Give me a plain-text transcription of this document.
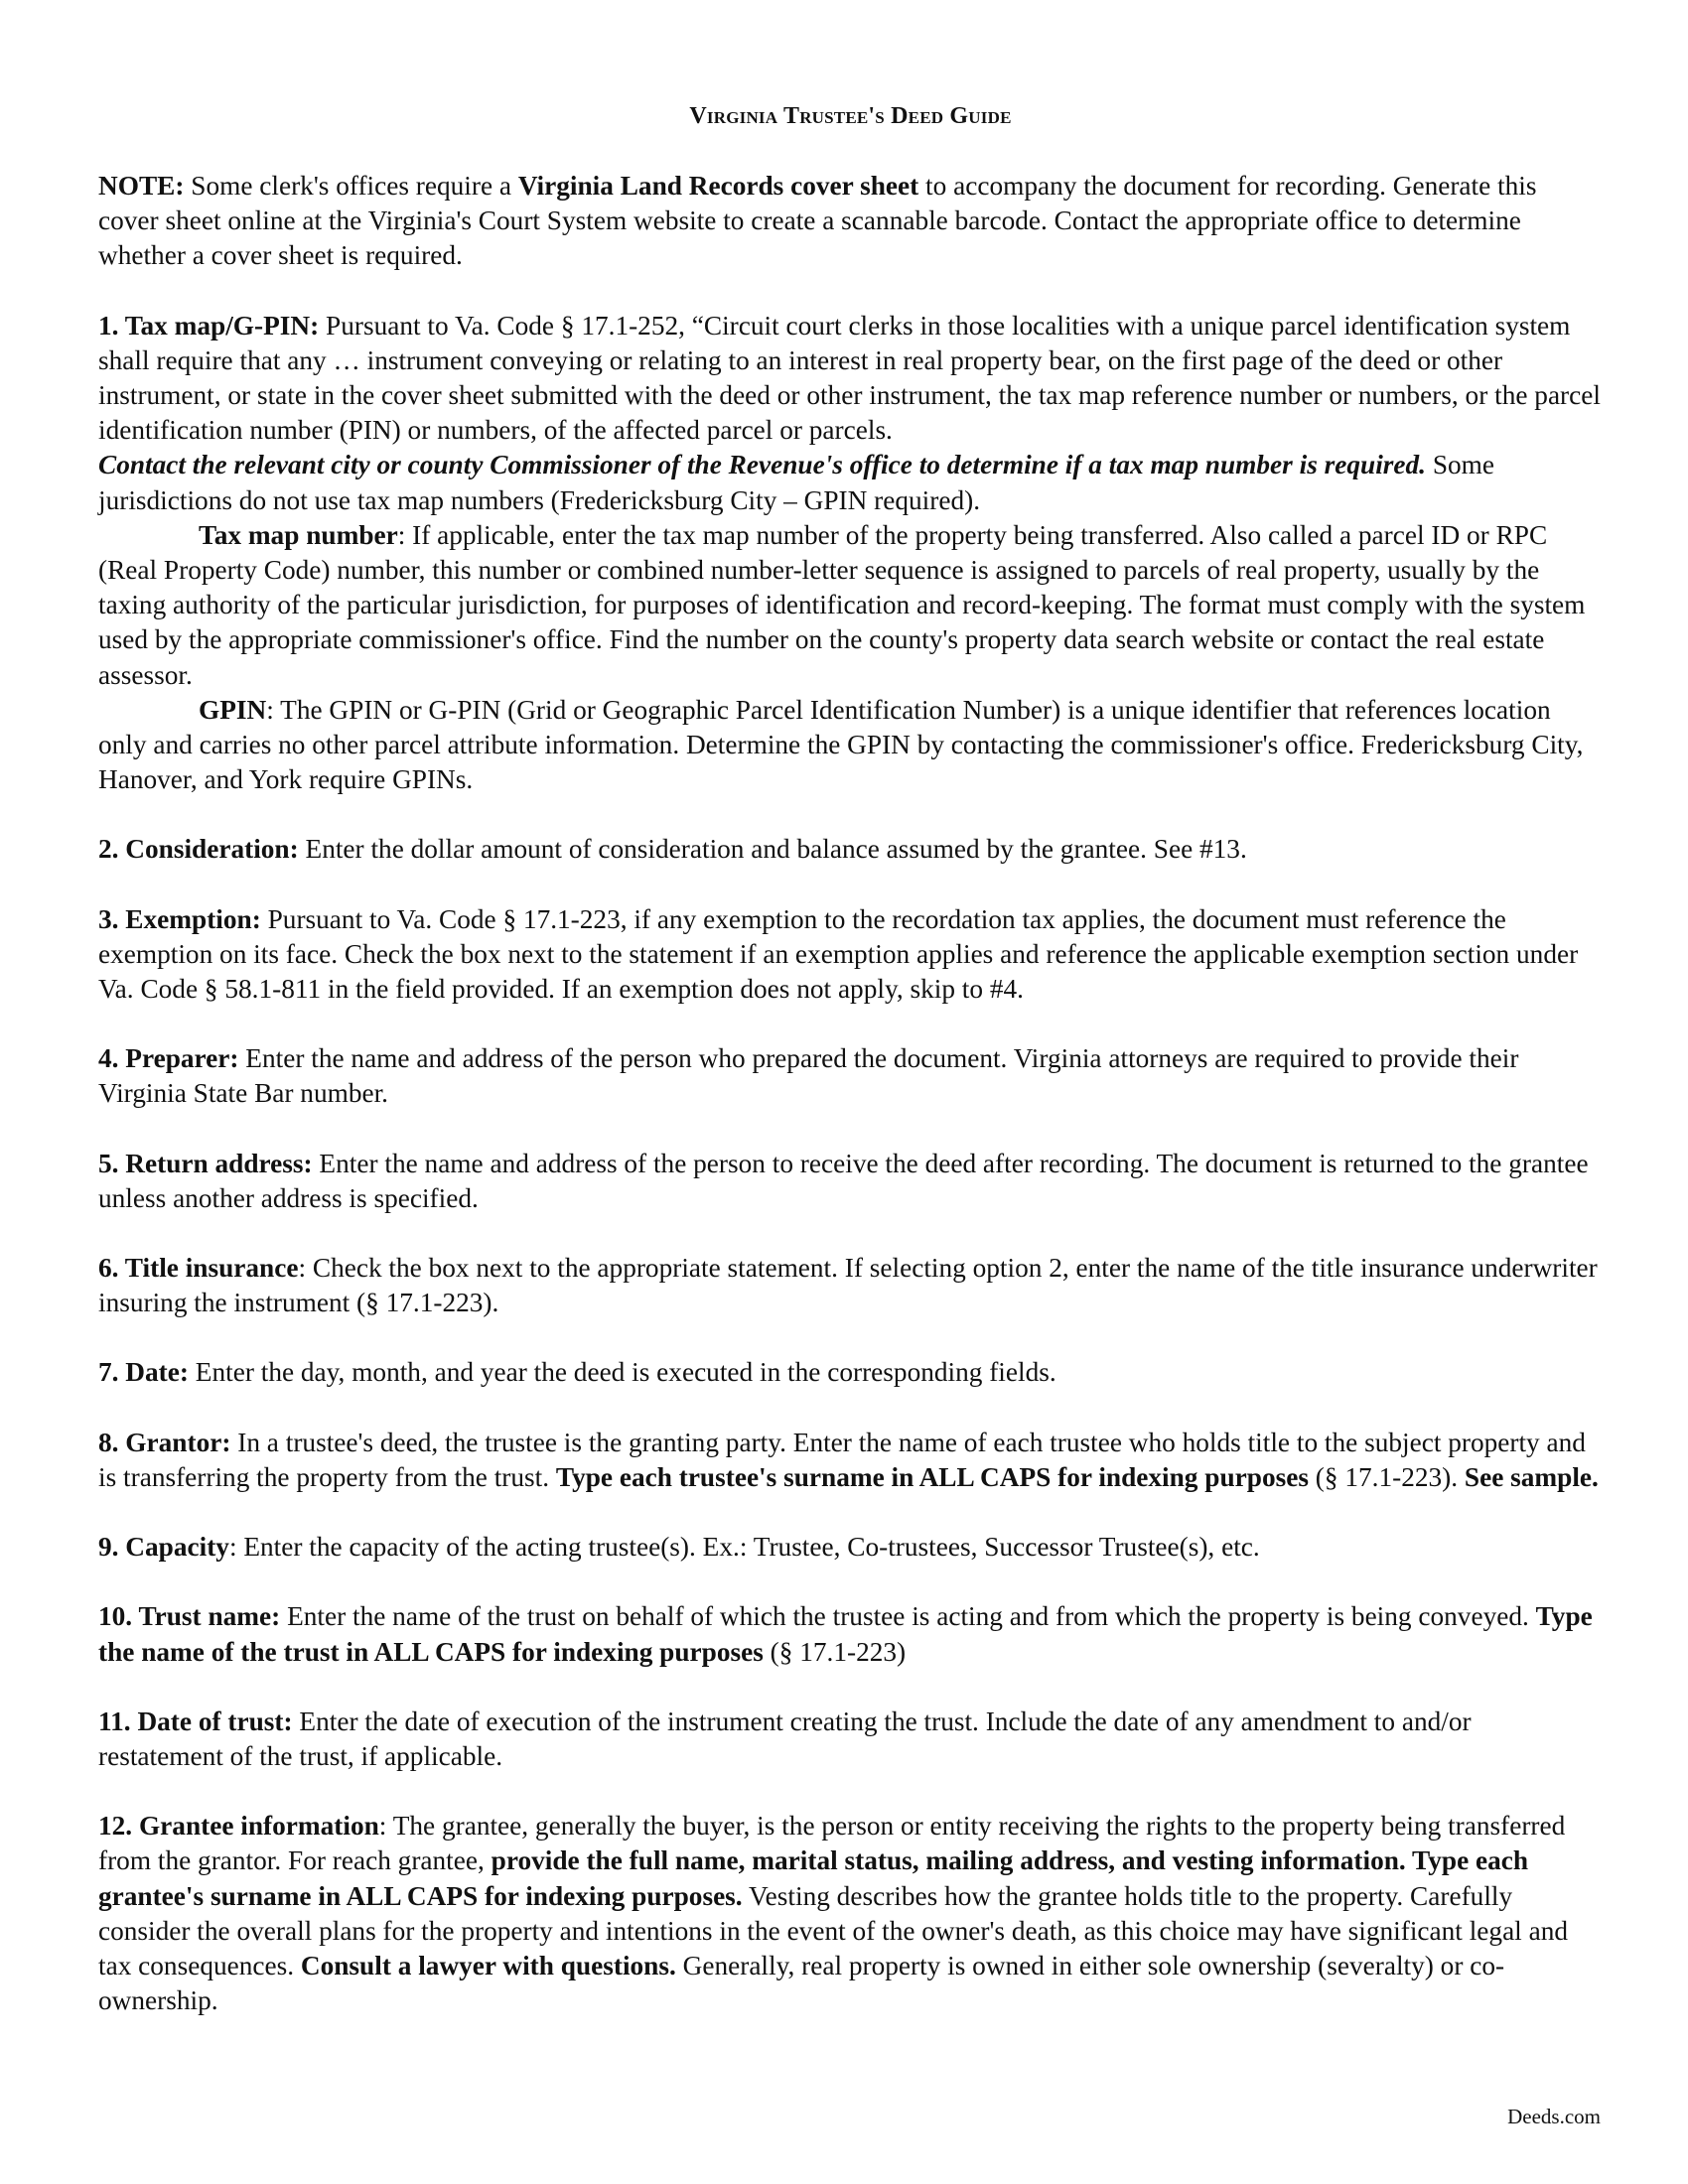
Virginia Trustee's Deed Guide

NOTE: Some clerk's offices require a Virginia Land Records cover sheet to accompany the document for recording. Generate this cover sheet online at the Virginia's Court System website to create a scannable barcode. Contact the appropriate office to determine whether a cover sheet is required.

1. Tax map/G-PIN: Pursuant to Va. Code § 17.1-252, “Circuit court clerks in those localities with a unique parcel identification system shall require that any … instrument conveying or relating to an interest in real property bear, on the first page of the deed or other instrument, or state in the cover sheet submitted with the deed or other instrument, the tax map reference number or numbers, or the parcel identification number (PIN) or numbers, of the affected parcel or parcels.
Contact the relevant city or county Commissioner of the Revenue's office to determine if a tax map number is required. Some jurisdictions do not use tax map numbers (Fredericksburg City – GPIN required).

Tax map number: If applicable, enter the tax map number of the property being transferred. Also called a parcel ID or RPC (Real Property Code) number, this number or combined number-letter sequence is assigned to parcels of real property, usually by the taxing authority of the particular jurisdiction, for purposes of identification and record-keeping. The format must comply with the system used by the appropriate commissioner's office. Find the number on the county's property data search website or contact the real estate assessor.

GPIN: The GPIN or G-PIN (Grid or Geographic Parcel Identification Number) is a unique identifier that references location only and carries no other parcel attribute information. Determine the GPIN by contacting the commissioner's office. Fredericksburg City, Hanover, and York require GPINs.

2. Consideration: Enter the dollar amount of consideration and balance assumed by the grantee. See #13.

3. Exemption: Pursuant to Va. Code § 17.1-223, if any exemption to the recordation tax applies, the document must reference the exemption on its face. Check the box next to the statement if an exemption applies and reference the applicable exemption section under Va. Code § 58.1-811 in the field provided. If an exemption does not apply, skip to #4.

4. Preparer: Enter the name and address of the person who prepared the document. Virginia attorneys are required to provide their Virginia State Bar number.

5. Return address: Enter the name and address of the person to receive the deed after recording. The document is returned to the grantee unless another address is specified.

6. Title insurance: Check the box next to the appropriate statement. If selecting option 2, enter the name of the title insurance underwriter insuring the instrument (§ 17.1-223).

7. Date: Enter the day, month, and year the deed is executed in the corresponding fields.

8. Grantor: In a trustee's deed, the trustee is the granting party. Enter the name of each trustee who holds title to the subject property and is transferring the property from the trust. Type each trustee's surname in ALL CAPS for indexing purposes (§ 17.1-223). See sample.

9. Capacity: Enter the capacity of the acting trustee(s). Ex.: Trustee, Co-trustees, Successor Trustee(s), etc.

10. Trust name: Enter the name of the trust on behalf of which the trustee is acting and from which the property is being conveyed. Type the name of the trust in ALL CAPS for indexing purposes (§ 17.1-223)

11. Date of trust: Enter the date of execution of the instrument creating the trust. Include the date of any amendment to and/or restatement of the trust, if applicable.

12. Grantee information: The grantee, generally the buyer, is the person or entity receiving the rights to the property being transferred from the grantor. For reach grantee, provide the full name, marital status, mailing address, and vesting information. Type each grantee's surname in ALL CAPS for indexing purposes. Vesting describes how the grantee holds title to the property. Carefully consider the overall plans for the property and intentions in the event of the owner's death, as this choice may have significant legal and tax consequences. Consult a lawyer with questions. Generally, real property is owned in either sole ownership (severalty) or co-ownership.

Deeds.com
